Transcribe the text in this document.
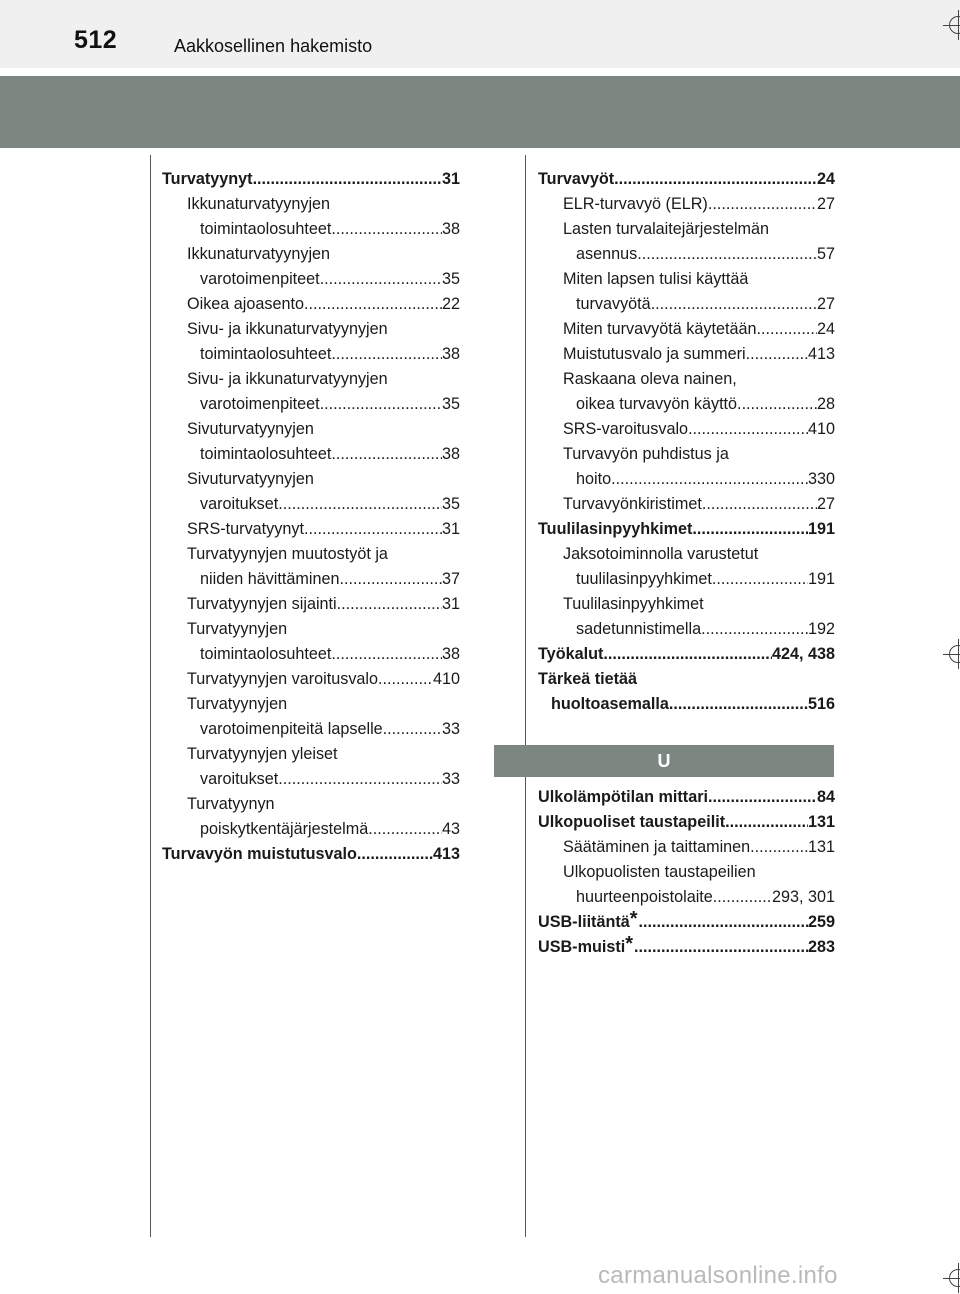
512	Aakkosellinen hakemisto
Turvatyynyt .....	31
Ikkunaturvatyynyjen
toimintaolosuhteet .....	38
Ikkunaturvatyynyjen
varotoimenpiteet .....	35
Oikea ajoasento .....	22
Sivu- ja ikkunaturvatyynyjen
toimintaolosuhteet .....	38
Sivu- ja ikkunaturvatyynyjen
varotoimenpiteet .....	35
Sivuturvatyynyjen
toimintaolosuhteet .....	38
Sivuturvatyynyjen
varoitukset .....	35
SRS-turvatyynyt .....	31
Turvatyynyjen muutostyöt ja
niiden hävittäminen. .....	37
Turvatyynyjen sijainti. .....	31
Turvatyynyjen
toimintaolosuhteet .....	38
Turvatyynyjen varoitusvalo .....	410
Turvatyynyjen
varotoimenpiteitä lapselle .....	33
Turvatyynyjen yleiset
varoitukset .....	33
Turvatyynyn
poiskytkentäjärjestelmä .....	43
Turvavyön muistutusvalo .....	413
Turvavyöt .....	24
ELR-turvavyö (ELR). .....	27
Lasten turvalaitejärjestelmän
asennus .....	57
Miten lapsen tulisi käyttää
turvavyötä .....	27
Miten turvavyötä käytetään .....	24
Muistutusvalo ja summeri .....	413
Raskaana oleva nainen,
oikea turvavyön käyttö. .....	28
SRS-varoitusvalo .....	410
Turvavyön puhdistus ja
hoito .....	330
Turvavyönkiristimet .....	27
Tuulilasinpyyhkimet .....	191
Jaksotoiminnolla varustetut
tuulilasinpyyhkimet .....	191
Tuulilasinpyyhkimet
sadetunnistimella. .....	192
Työkalut .....	424, 438
Tärkeä tietää
huoltoasemalla .....	516
U
Ulkolämpötilan mittari .....	84
Ulkopuoliset taustapeilit .....	131
Säätäminen ja taittaminen .....	131
Ulkopuolisten taustapeilien
huurteenpoistolaite .....	293, 301
USB-liitäntä* .....	259
USB-muisti* .....	283
carmanualsonline.info
